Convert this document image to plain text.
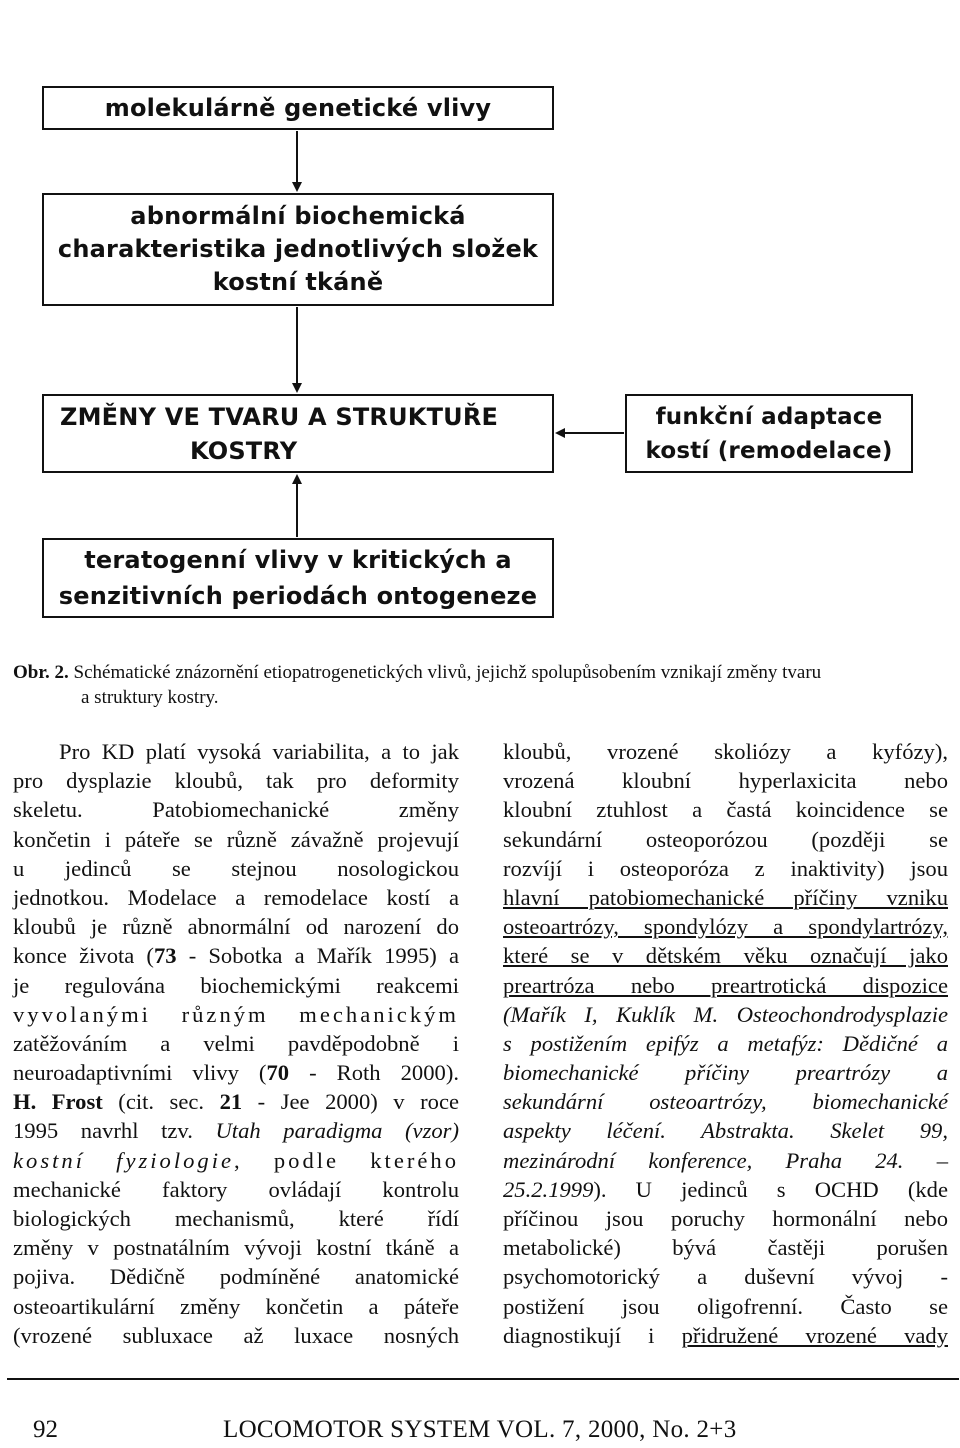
molekulárně genetické vlivy
abnormální biochemická
charakteristika jednotlivých složek
kostní tkáně
ZMĚNY VE TVARU A STRUKTUŘE
KOSTRY
funkční adaptace
kostí (remodelace)
teratogenní vlivy v kritických a
senzitivních periodách ontogeneze
Obr. 2. Schématické znázornění etiopatrogenetických vlivů, jejichž spolupůsobením vznikají změny tvaru
a struktury kostry.
Pro KD platí vysoká variabilita, a to jak
pro dysplazie kloubů, tak pro deformity
skeletu. Patobiomechanické změny
končetin i páteře se různě závažně projevují
u jedinců se stejnou nosologickou
jednotkou. Modelace a remodelace kostí a
kloubů je různě abnormální od narození do
konce života (73 - Sobotka a Mařík 1995) a
je regulována biochemickými reakcemi
vyvolanými různým mechanickým
zatěžováním a velmi pavděpodobně i
neuroadaptivními vlivy (70 - Roth 2000).
H. Frost (cit. sec. 21 - Jee 2000) v roce
1995 navrhl tzv. Utah paradigma (vzor)
kostní fyziologie, podle kterého
mechanické faktory ovládají kontrolu
biologických mechanismů, které řídí
změny v postnatálním vývoji kostní tkáně a
pojiva. Dědičně podmíněné anatomické
osteoartikulární změny končetin a páteře
(vrozené subluxace až luxace nosných
kloubů, vrozené skoliózy a kyfózy),
vrozená kloubní hyperlaxicita nebo
kloubní ztuhlost a častá koincidence se
sekundární osteoporózou (později se
rozvíjí i osteoporóza z inaktivity) jsou
hlavní patobiomechanické příčiny vzniku
osteoartrózy, spondylózy a spondylartrózy,
které se v dětském věku označují jako
preartróza nebo preartrotická dispozice
(Mařík I, Kuklík M. Osteochondrodysplazie
s postižením epifýz a metafýz: Dědičné a
biomechanické příčiny preartrózy a
sekundární osteoartrózy, biomechanické
aspekty léčení. Abstrakta. Skelet 99,
mezinárodní konference, Praha 24. –
25.2.1999). U jedinců s OCHD (kde
příčinou jsou poruchy hormonální nebo
metabolické) bývá častěji porušen
psychomotorický a duševní vývoj -
postižení jsou oligofrenní. Často se
diagnostikují i přidružené vrozené vady
92	LOCOMOTOR SYSTEM VOL. 7, 2000, No. 2+3
